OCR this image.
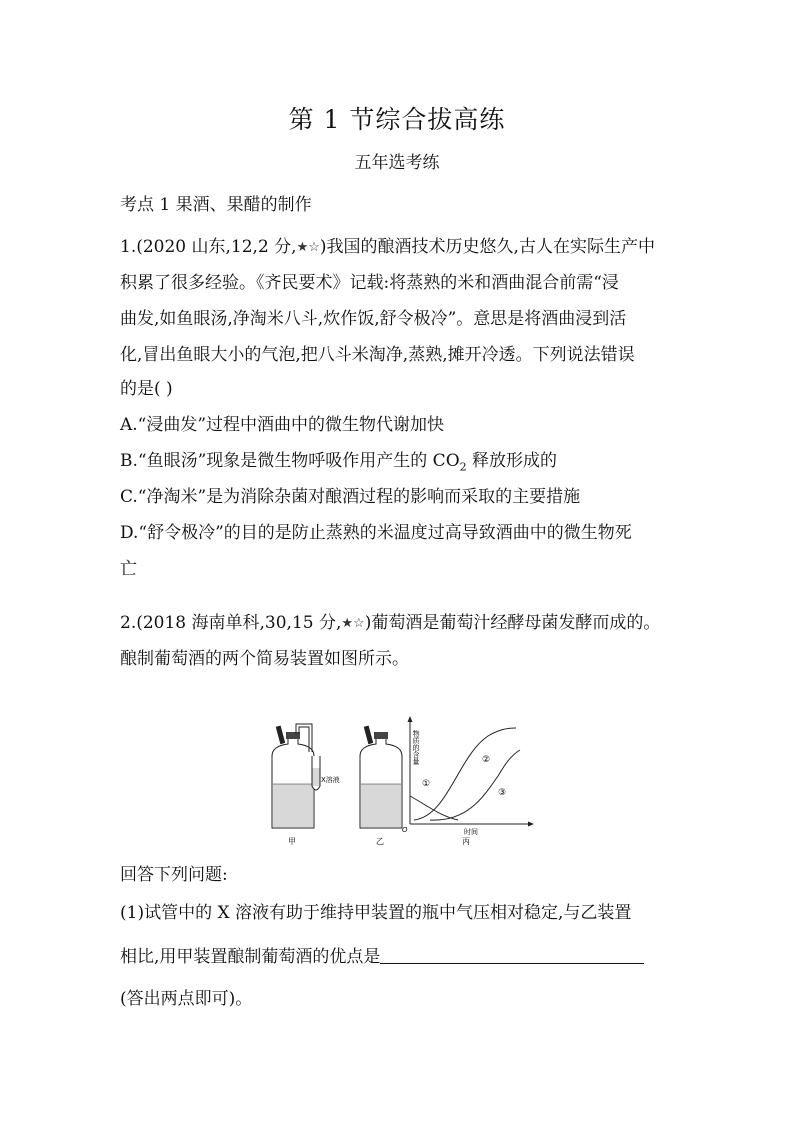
第 1 节综合拔高练
五年选考练
考点 1 果酒、果醋的制作
1.(2020 山东,12,2 分,★☆)我国的酿酒技术历史悠久,古人在实际生产中
积累了很多经验。《齐民要术》记载:将蒸熟的米和酒曲混合前需“浸
曲发,如鱼眼汤,净淘米八斗,炊作饭,舒令极冷”。意思是将酒曲浸到活
化,冒出鱼眼大小的气泡,把八斗米淘净,蒸熟,摊开冷透。下列说法错误
的是( )
A.“浸曲发”过程中酒曲中的微生物代谢加快
B.“鱼眼汤”现象是微生物呼吸作用产生的 $CO_2$ 释放形成的
C.“净淘米”是为消除杂菌对酿酒过程的影响而采取的主要措施
D.“舒令极冷”的目的是防止蒸熟的米温度过高导致酒曲中的微生物死
亡
2.(2018 海南单科,30,15 分,★☆)葡萄酒是葡萄汁经酵母菌发酵而成的。
酿制葡萄酒的两个简易装置如图所示。
X溶液
甲	乙
O
物质的含量
时间
丙
①
②
③
回答下列问题:
(1)试管中的 X 溶液有助于维持甲装置的瓶中气压相对稳定,与乙装置
相比,用甲装置酿制葡萄酒的优点是
(答出两点即可)。
